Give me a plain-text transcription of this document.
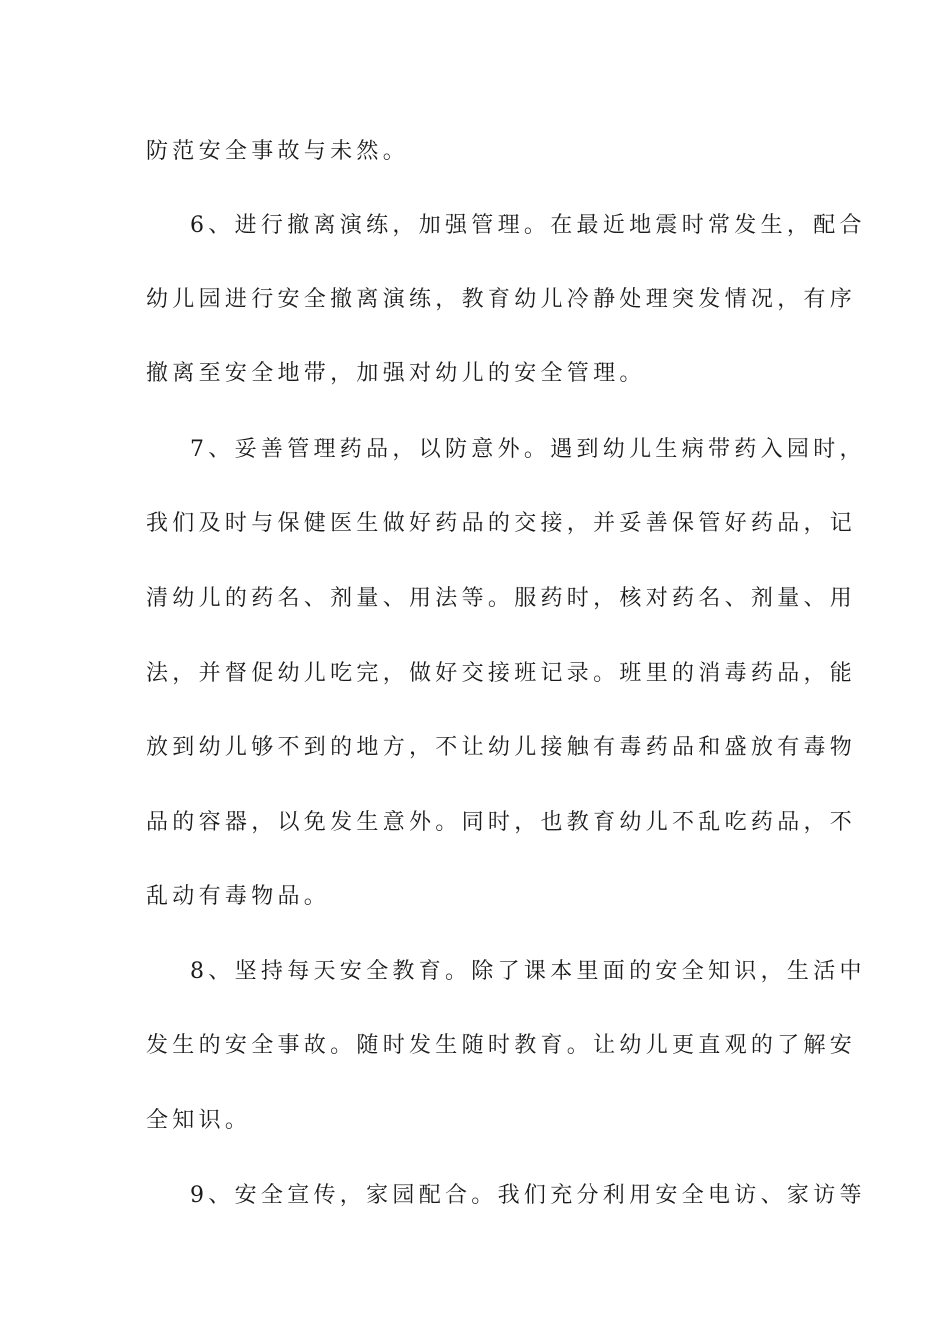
防范安全事故与未然。
6、进行撤离演练，加强管理。在最近地震时常发生，配合
幼儿园进行安全撤离演练，教育幼儿冷静处理突发情况，有序
撤离至安全地带，加强对幼儿的安全管理。
7、妥善管理药品，以防意外。遇到幼儿生病带药入园时，
我们及时与保健医生做好药品的交接，并妥善保管好药品，记
清幼儿的药名、剂量、用法等。服药时，核对药名、剂量、用
法，并督促幼儿吃完，做好交接班记录。班里的消毒药品，能
放到幼儿够不到的地方，不让幼儿接触有毒药品和盛放有毒物
品的容器，以免发生意外。同时，也教育幼儿不乱吃药品，不
乱动有毒物品。
8、坚持每天安全教育。除了课本里面的安全知识，生活中
发生的安全事故。随时发生随时教育。让幼儿更直观的了解安
全知识。
9、安全宣传，家园配合。我们充分利用安全电访、家访等
